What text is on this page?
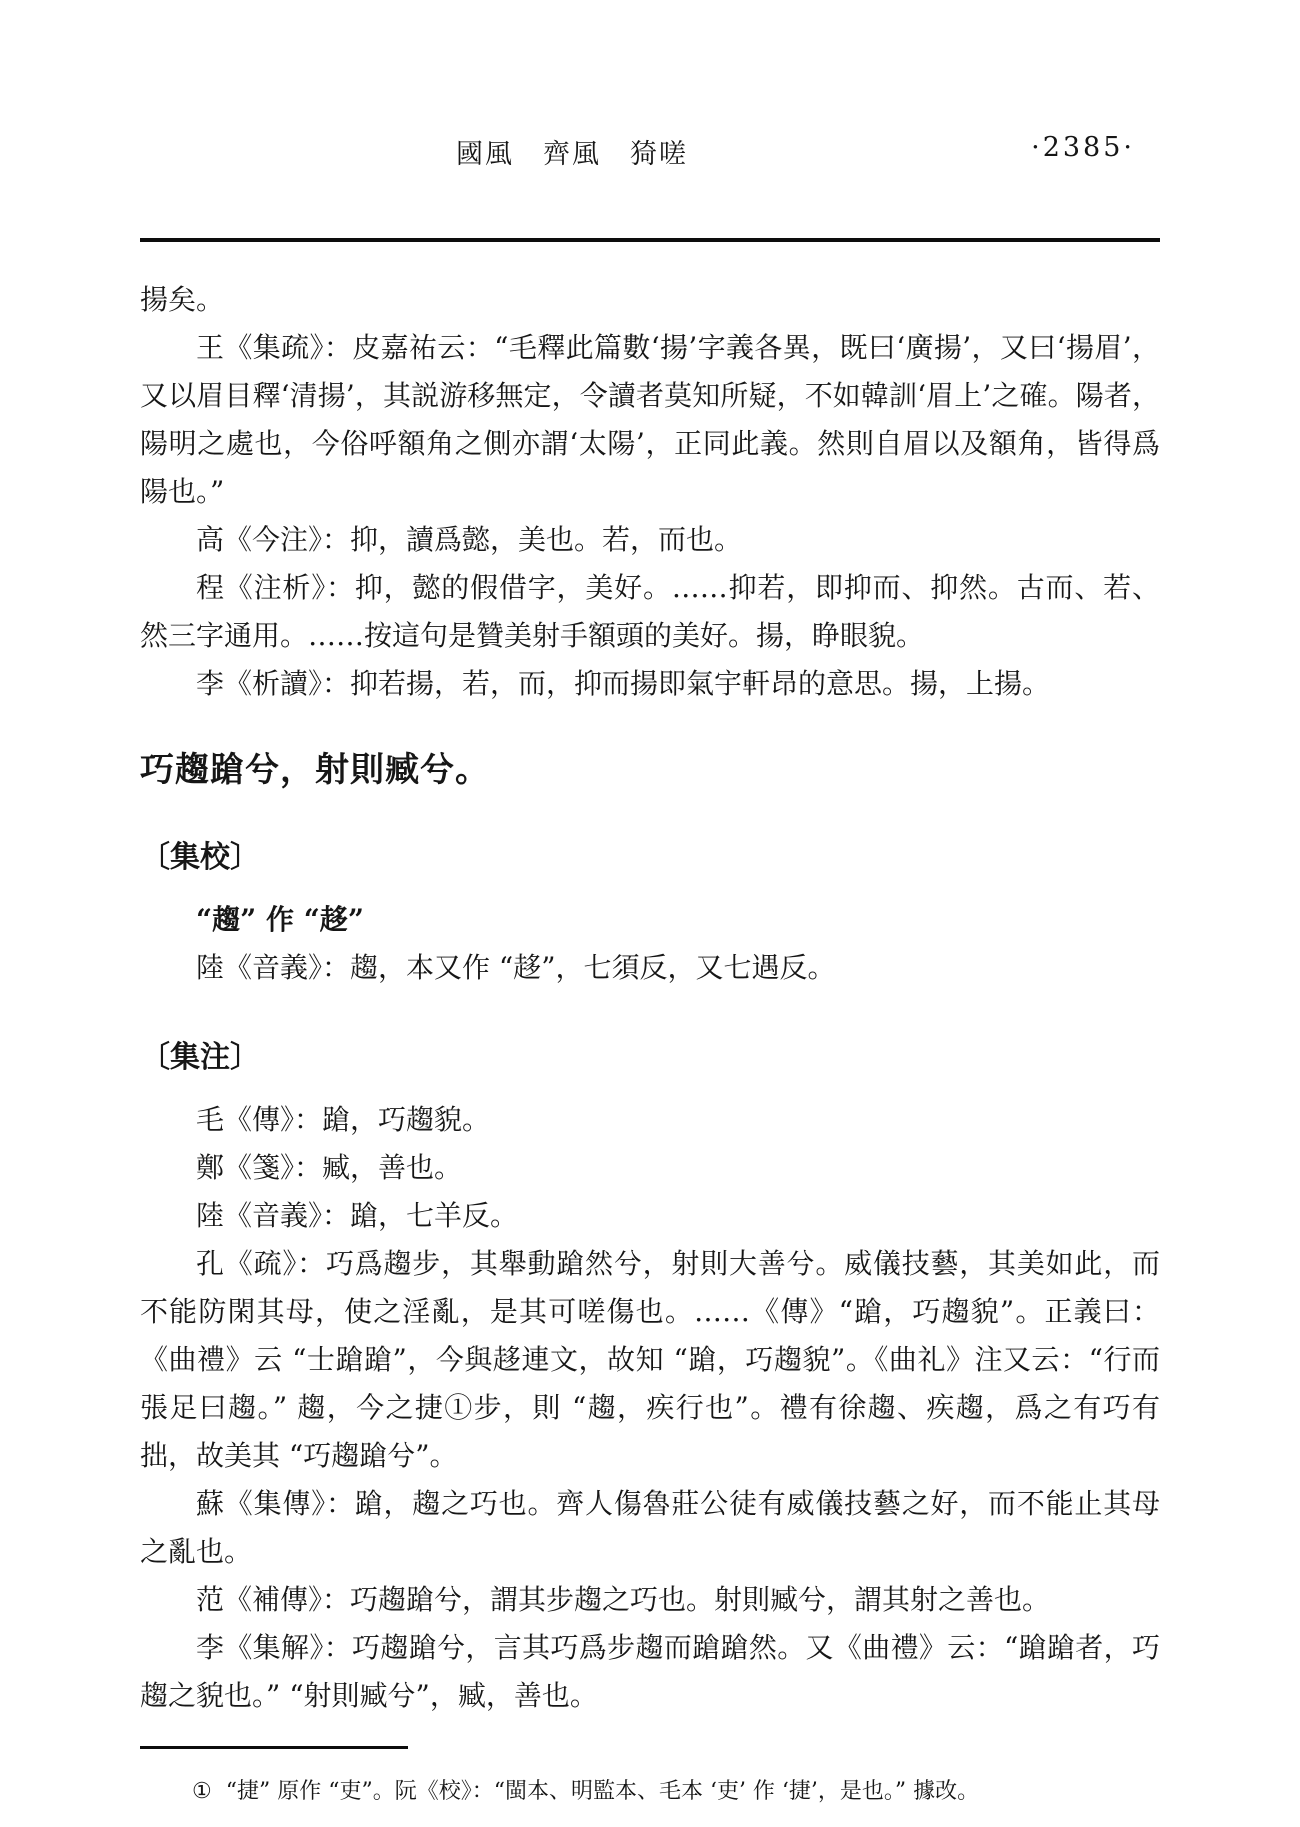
國風　齊風　猗嗟	·2385·

揚矣。

王《集疏》：皮嘉祐云：“毛釋此篇數‘揚’字義各異，既曰‘廣揚’，又曰‘揚眉’，又以眉目釋‘清揚’，其説游移無定，令讀者莫知所疑，不如韓訓‘眉上’之確。陽者，陽明之處也，今俗呼額角之側亦謂‘太陽’，正同此義。然則自眉以及額角，皆得爲陽也。”

高《今注》：抑，讀爲懿，美也。若，而也。

程《注析》：抑，懿的假借字，美好。……抑若，即抑而、抑然。古而、若、然三字通用。……按這句是贊美射手額頭的美好。揚，睁眼貌。

李《析讀》：抑若揚，若，而，抑而揚即氣宇軒昂的意思。揚，上揚。

巧趨蹌兮，射則臧兮。

〔集校〕

“趨” 作 “趍”

陸《音義》：趨，本又作 “趍”，七須反，又七遇反。

〔集注〕

毛《傳》：蹌，巧趨貌。

鄭《箋》：臧，善也。

陸《音義》：蹌，七羊反。

孔《疏》：巧爲趨步，其舉動蹌然兮，射則大善兮。威儀技藝，其美如此，而不能防閑其母，使之淫亂，是其可嗟傷也。……《傳》“蹌，巧趨貌”。正義曰：《曲禮》云 “士蹌蹌”，今與趍連文，故知 “蹌，巧趨貌”。《曲礼》注又云：“行而張足曰趨。” 趨，今之捷①步，則 “趨，疾行也”。禮有徐趨、疾趨，爲之有巧有拙，故美其 “巧趨蹌兮”。

蘇《集傳》：蹌，趨之巧也。齊人傷魯莊公徒有威儀技藝之好，而不能止其母之亂也。

范《補傳》：巧趨蹌兮，謂其步趨之巧也。射則臧兮，謂其射之善也。

李《集解》：巧趨蹌兮，言其巧爲步趨而蹌蹌然。又《曲禮》云：“蹌蹌者，巧趨之貌也。” “射則臧兮”，臧，善也。

① “捷” 原作 “吏”。阮《校》：“閩本、明監本、毛本 ‘吏’ 作 ‘捷’，是也。” 據改。
